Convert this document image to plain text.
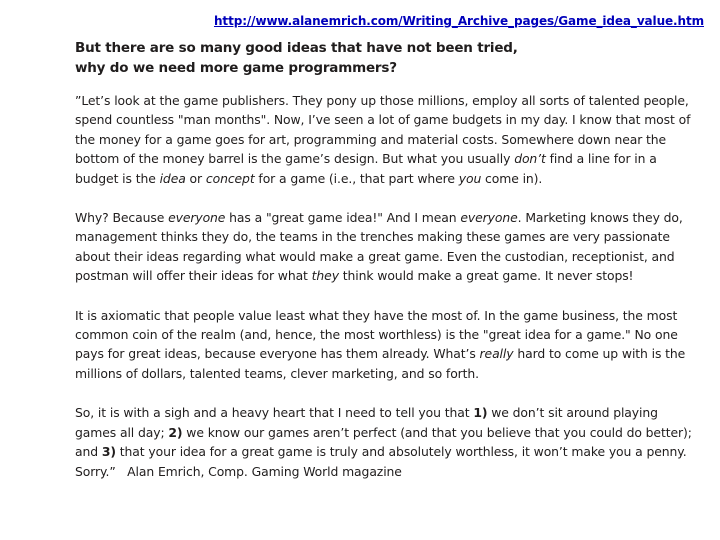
http://www.alanemrich.com/Writing_Archive_pages/Game_idea_value.htm
But there are so many good ideas that have not been tried,
why do we need more game programmers?

”Let’s look at the game publishers. They pony up those millions, employ all sorts of talented people, spend countless "man months". Now, I’ve seen a lot of game budgets in my day. I know that most of the money for a game goes for art, programming and material costs. Somewhere down near the bottom of the money barrel is the game’s design. But what you usually don’t find a line for in a budget is the idea or concept for a game (i.e., that part where you come in).

Why? Because everyone has a "great game idea!" And I mean everyone. Marketing knows they do, management thinks they do, the teams in the trenches making these games are very passionate about their ideas regarding what would make a great game. Even the custodian, receptionist, and postman will offer their ideas for what they think would make a great game. It never stops!

It is axiomatic that people value least what they have the most of. In the game business, the most common coin of the realm (and, hence, the most worthless) is the "great idea for a game." No one pays for great ideas, because everyone has them already. What’s really hard to come up with is the millions of dollars, talented teams, clever marketing, and so forth.

So, it is with a sigh and a heavy heart that I need to tell you that 1) we don’t sit around playing games all day; 2) we know our games aren’t perfect (and that you believe that you could do better); and 3) that your idea for a great game is truly and absolutely worthless, it won’t make you a penny. Sorry.”   Alan Emrich, Comp. Gaming World magazine
